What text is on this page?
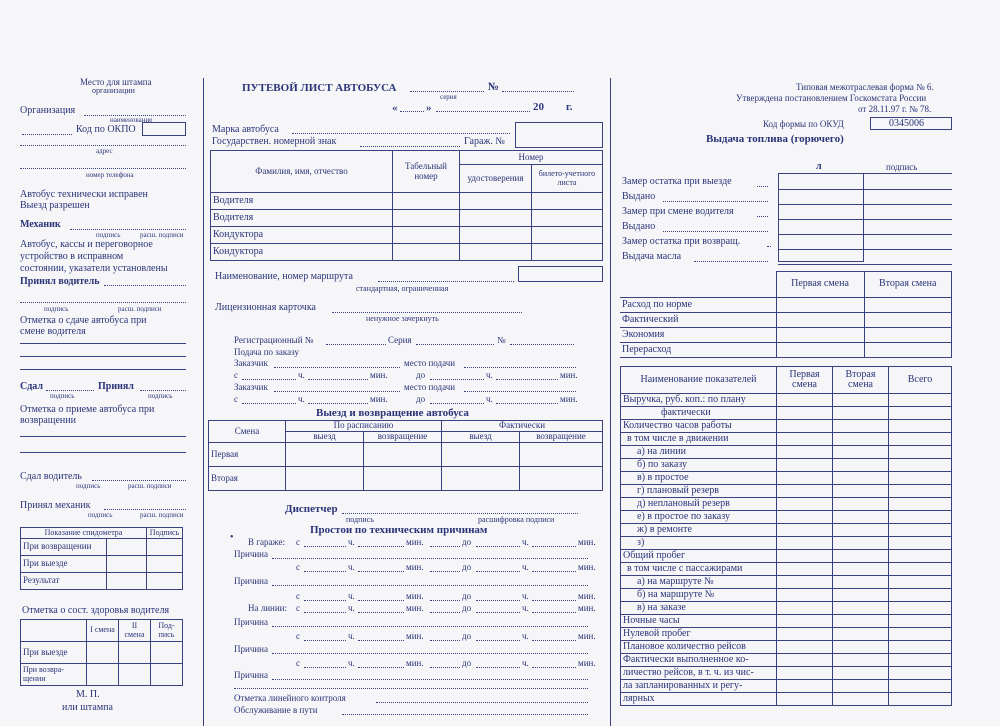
Место для штампа
организации
Организация
наименование
Код по ОКПО
адрес
номер телефона
Автобус технически исправен
Выезд разрешен
Механик
подпись	расш. подписи
Автобус, кассы и переговорное
устройство в исправном
состоянии, указатели установлены
Принял водитель
подпись	расш. подписи
Отметка о сдаче автобуса при
смене водителя
Сдал	Принял
подпись	подпись
Отметка о приеме автобуса при
возвращении
Сдал водитель
подпись	расш. подписи
Принял механик
подпись	расш. подписи
Показание спидометра		Подпись
При возвращении		
При выезде		
Результат		
Отметка о сост. здоровья водителя
	I смена	II смена	Под-пись
При выезде			
При возвра-щении			
М. П.
или штампа
ПУТЕВОЙ ЛИСТ АВТОБУСА	№
серия
«	»	20 г.
Марка автобуса
Государствен. номерной знак	Гараж. №
Фамилия, имя, отчество	Табельный номер	Номер	
		удостоверения	билето-учетного листа
Водителя			
Водителя			
Кондуктора			
Кондуктора			
Наименование, номер маршрута
стандартная, ограниченная
Лицензионная карточка
ненужное зачеркнуть
Регистрационный №	Серия	№
Подача по заказу
Заказчик	место подачи
с	ч.	мин.	до	ч.	мин.
Заказчик	место подачи
с	ч.	мин.	до	ч.	мин.
Выезд и возвращение автобуса
Смена	По расписанию		Фактически	
	выезд	возвращение	выезд	возвращение
Первая				
Вторая				
Диспетчер
подпись	расшифровка подписи
Простои по техническим причинам
• В гараже: с	ч.	мин.	до	ч.	мин.
Причина
с	ч.	мин.	до	ч.	мин.
Причина
с	ч.	мин.	до	ч.	мин.
На линии: с	ч.	мин.	до	ч.	мин.
Причина
с	ч.	мин.	до	ч.	мин.
Причина
с	ч.	мин.	до	ч.	мин.
Причина
Отметка линейного контроля
Обслуживание в пути
Типовая межотраслевая форма № 6.
Утверждена постановлением Госкомстата России
от 28.11.97 г. № 78.
Код формы по ОКУД	0345006
Выдача топлива (горючего)
л	подпись
Замер остатка при выезде
Выдано
Замер при смене водителя
Выдано
Замер остатка при возвращ.
Выдача масла
	Первая смена	Вторая смена
Расход по норме		
Фактический		
Экономия		
Перерасход		
Наименование показателей	Первая смена	Вторая смена	Всего
Выручка, руб. коп.: по плану			
фактически			
Количество часов работы			
в том числе в движении			
а) на линии			
б) по заказу			
в) в простое			
г) плановый резерв			
д) неплановый резерв			
е) в простое по заказу			
ж) в ремонте			
з)			
Общий пробег			
в том числе с пассажирами			
а) на маршруте №			
б) на маршруте №			
в) на заказе			
Ночные часы			
Нулевой пробег			
Плановое количество рейсов			
Фактически выполненное ко-			
личество рейсов, в т. ч. из чис-			
ла запланированных и регу-			
лярных			
